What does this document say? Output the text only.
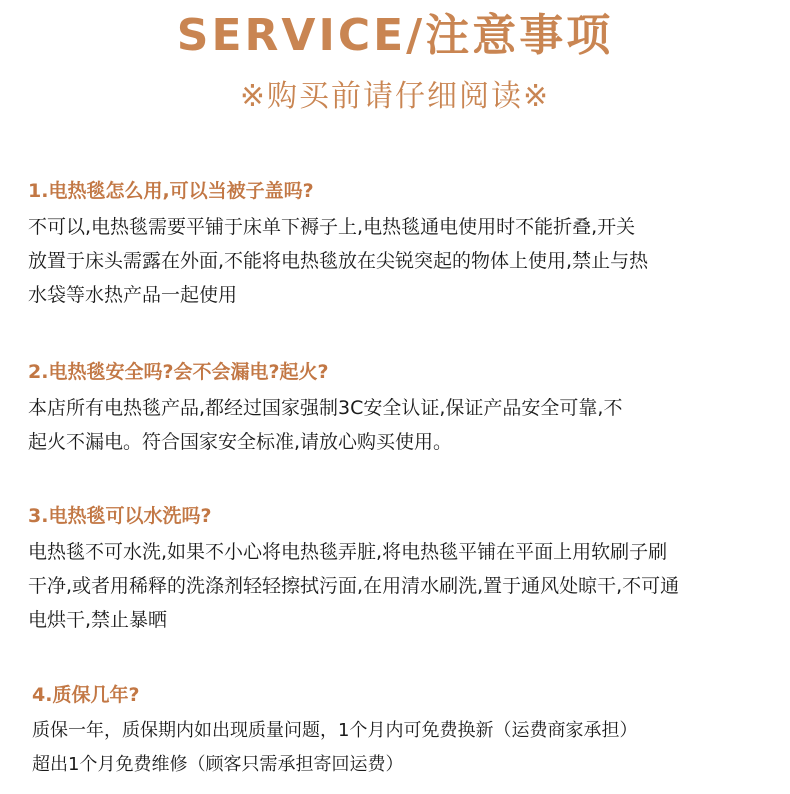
SERVICE/注意事项
※购买前请仔细阅读※
1.电热毯怎么用,可以当被子盖吗?
不可以,电热毯需要平铺于床单下褥子上,电热毯通电使用时不能折叠,开关
放置于床头需露在外面,不能将电热毯放在尖锐突起的物体上使用,禁止与热
水袋等水热产品一起使用
2.电热毯安全吗?会不会漏电?起火?
本店所有电热毯产品,都经过国家强制3C安全认证,保证产品安全可靠,不
起火不漏电。符合国家安全标准,请放心购买使用。
3.电热毯可以水洗吗?
电热毯不可水洗,如果不小心将电热毯弄脏,将电热毯平铺在平面上用软刷子刷
干净,或者用稀释的洗涤剂轻轻擦拭污面,在用清水刷洗,置于通风处晾干,不可通
电烘干,禁止暴晒
4.质保几年?
质保一年，质保期内如出现质量问题，1个月内可免费换新（运费商家承担）
超出1个月免费维修（顾客只需承担寄回运费）
